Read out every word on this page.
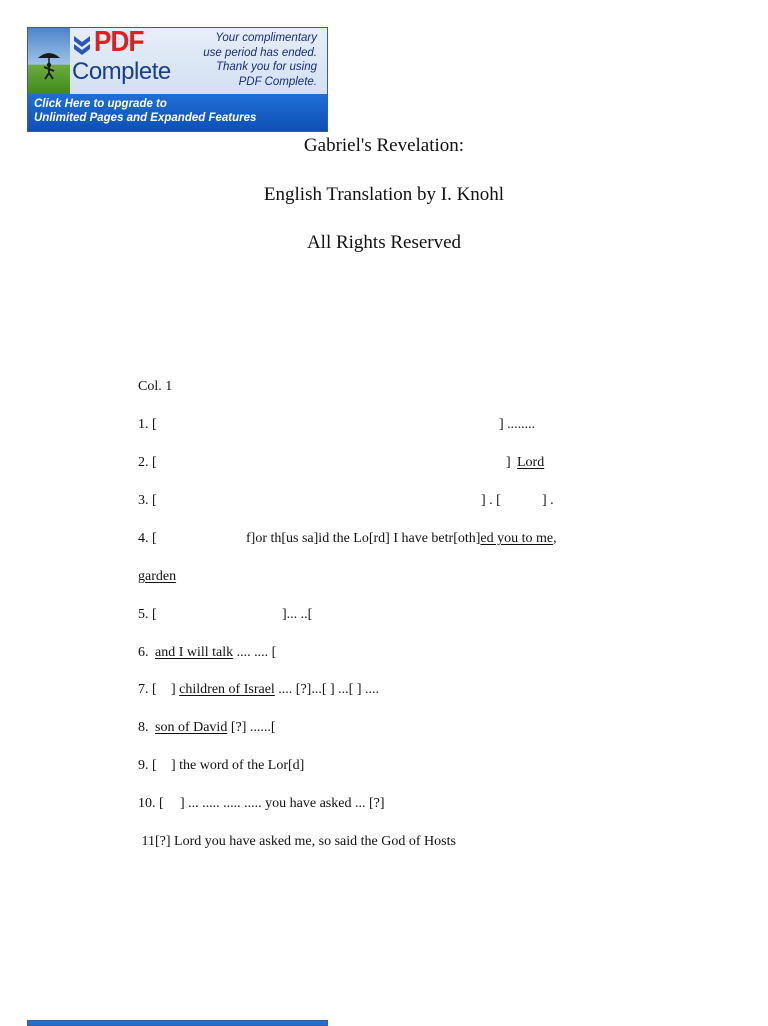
PDF
Complete
Your complimentary
use period has ended.
Thank you for using
PDF Complete.
Click Here to upgrade to
Unlimited Pages and Expanded Features
Gabriel's Revelation:
English Translation by I. Knohl
All Rights Reserved
Col. 1
1. [	] ........
2. [	] Lord
3. [	] . [	] .
4. [	f]or th[us sa]id the Lo[rd] I have betr[oth]ed you to me,
garden
5. [	]... ..[
6. and I will talk .... .... [
7. [ ] children of Israel .... [?]...[ ] ...[ ] ....
8. son of David [?] ......[
9. [ ] the word of the Lor[d]
10. [ ] ... ..... ..... ..... you have asked ... [?]
11[?] Lord you have asked me, so said the God of Hosts
